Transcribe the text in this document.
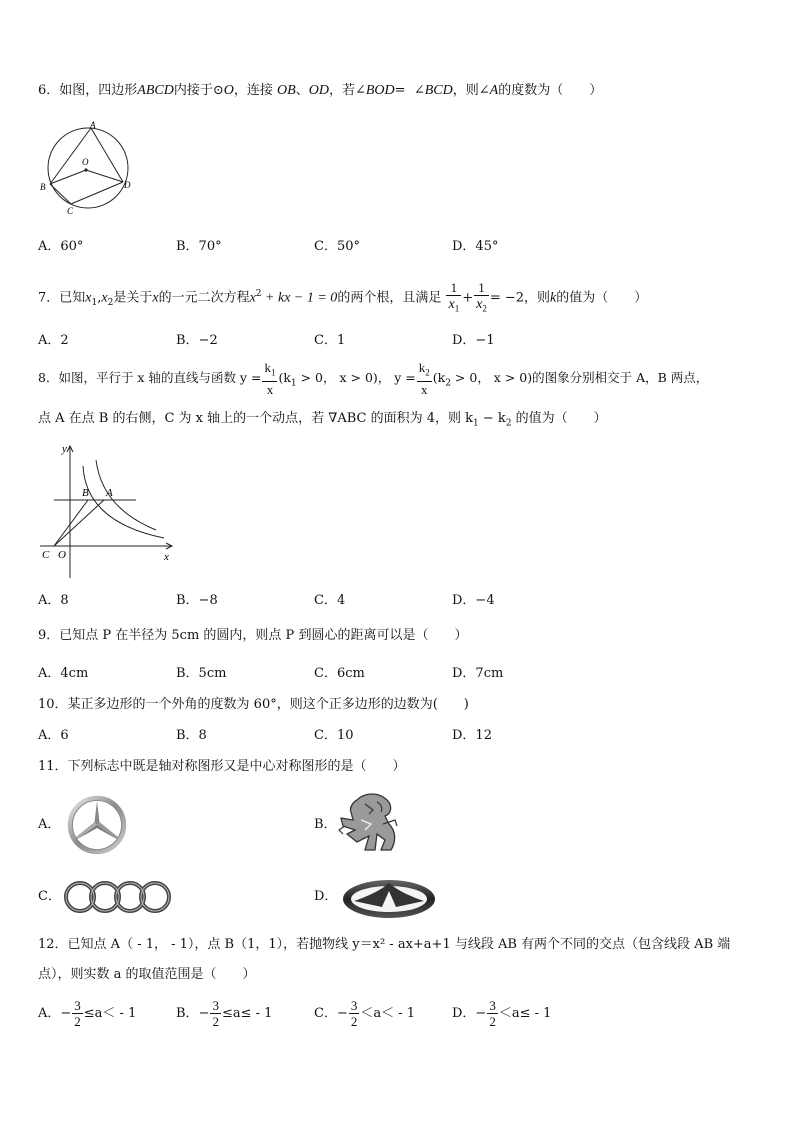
6．如图，四边形ABCD内接于⊙O，连接 OB、OD，若∠BOD= ∠BCD，则∠A的度数为（　　）
A
O
B
C
D
A．60°	B．70°	C．50°	D．45°
7．已知$x_1,x_2$是关于x的一元二次方程$x^2$ + kx − 1 = 0的两个根，且满足 $\frac{1}{x_1} + \frac{1}{x_2} = -2$，则k的值为（　　）
A．2	B．−2	C．1	D．−1
8．如图，平行于 x 轴的直线与函数 $y = \frac{k_1}{x} (k_1 > 0$， x > 0)， $y = \frac{k_2}{x} (k_2 > 0$， x > 0)的图象分别相交于 A，B 两点，
点 A 在点 B 的右侧，C 为 x 轴上的一个动点，若 ∇ABC 的面积为 4，则 $k_1 - k_2$ 的值为（　　）
y
x
B A
C O
A．8	B．−8	C．4	D．−4
9．已知点 P 在半径为 5cm 的圆内，则点 P 到圆心的距离可以是（　　）
A．4cm	B．5cm	C．6cm	D．7cm
10．某正多边形的一个外角的度数为 60°，则这个正多边形的边数为(　　)
A．6	B．8	C．10	D．12
11．下列标志中既是轴对称图形又是中心对称图形的是（　　）
A．	B．
C．	D．
12．已知点 A（ - 1， - 1），点 B（1，1），若抛物线 y＝x² - ax+a+1 与线段 AB 有两个不同的交点（包含线段 AB 端
点），则实数 a 的取值范围是（　　）
A．− $\frac{3}{2} \le a< - 1$	B．− $\frac{3}{2} \le a\le - 1$	C．− $\frac{3}{2} <a< - 1$	D．− $\frac{3}{2} <a\le - 1$
